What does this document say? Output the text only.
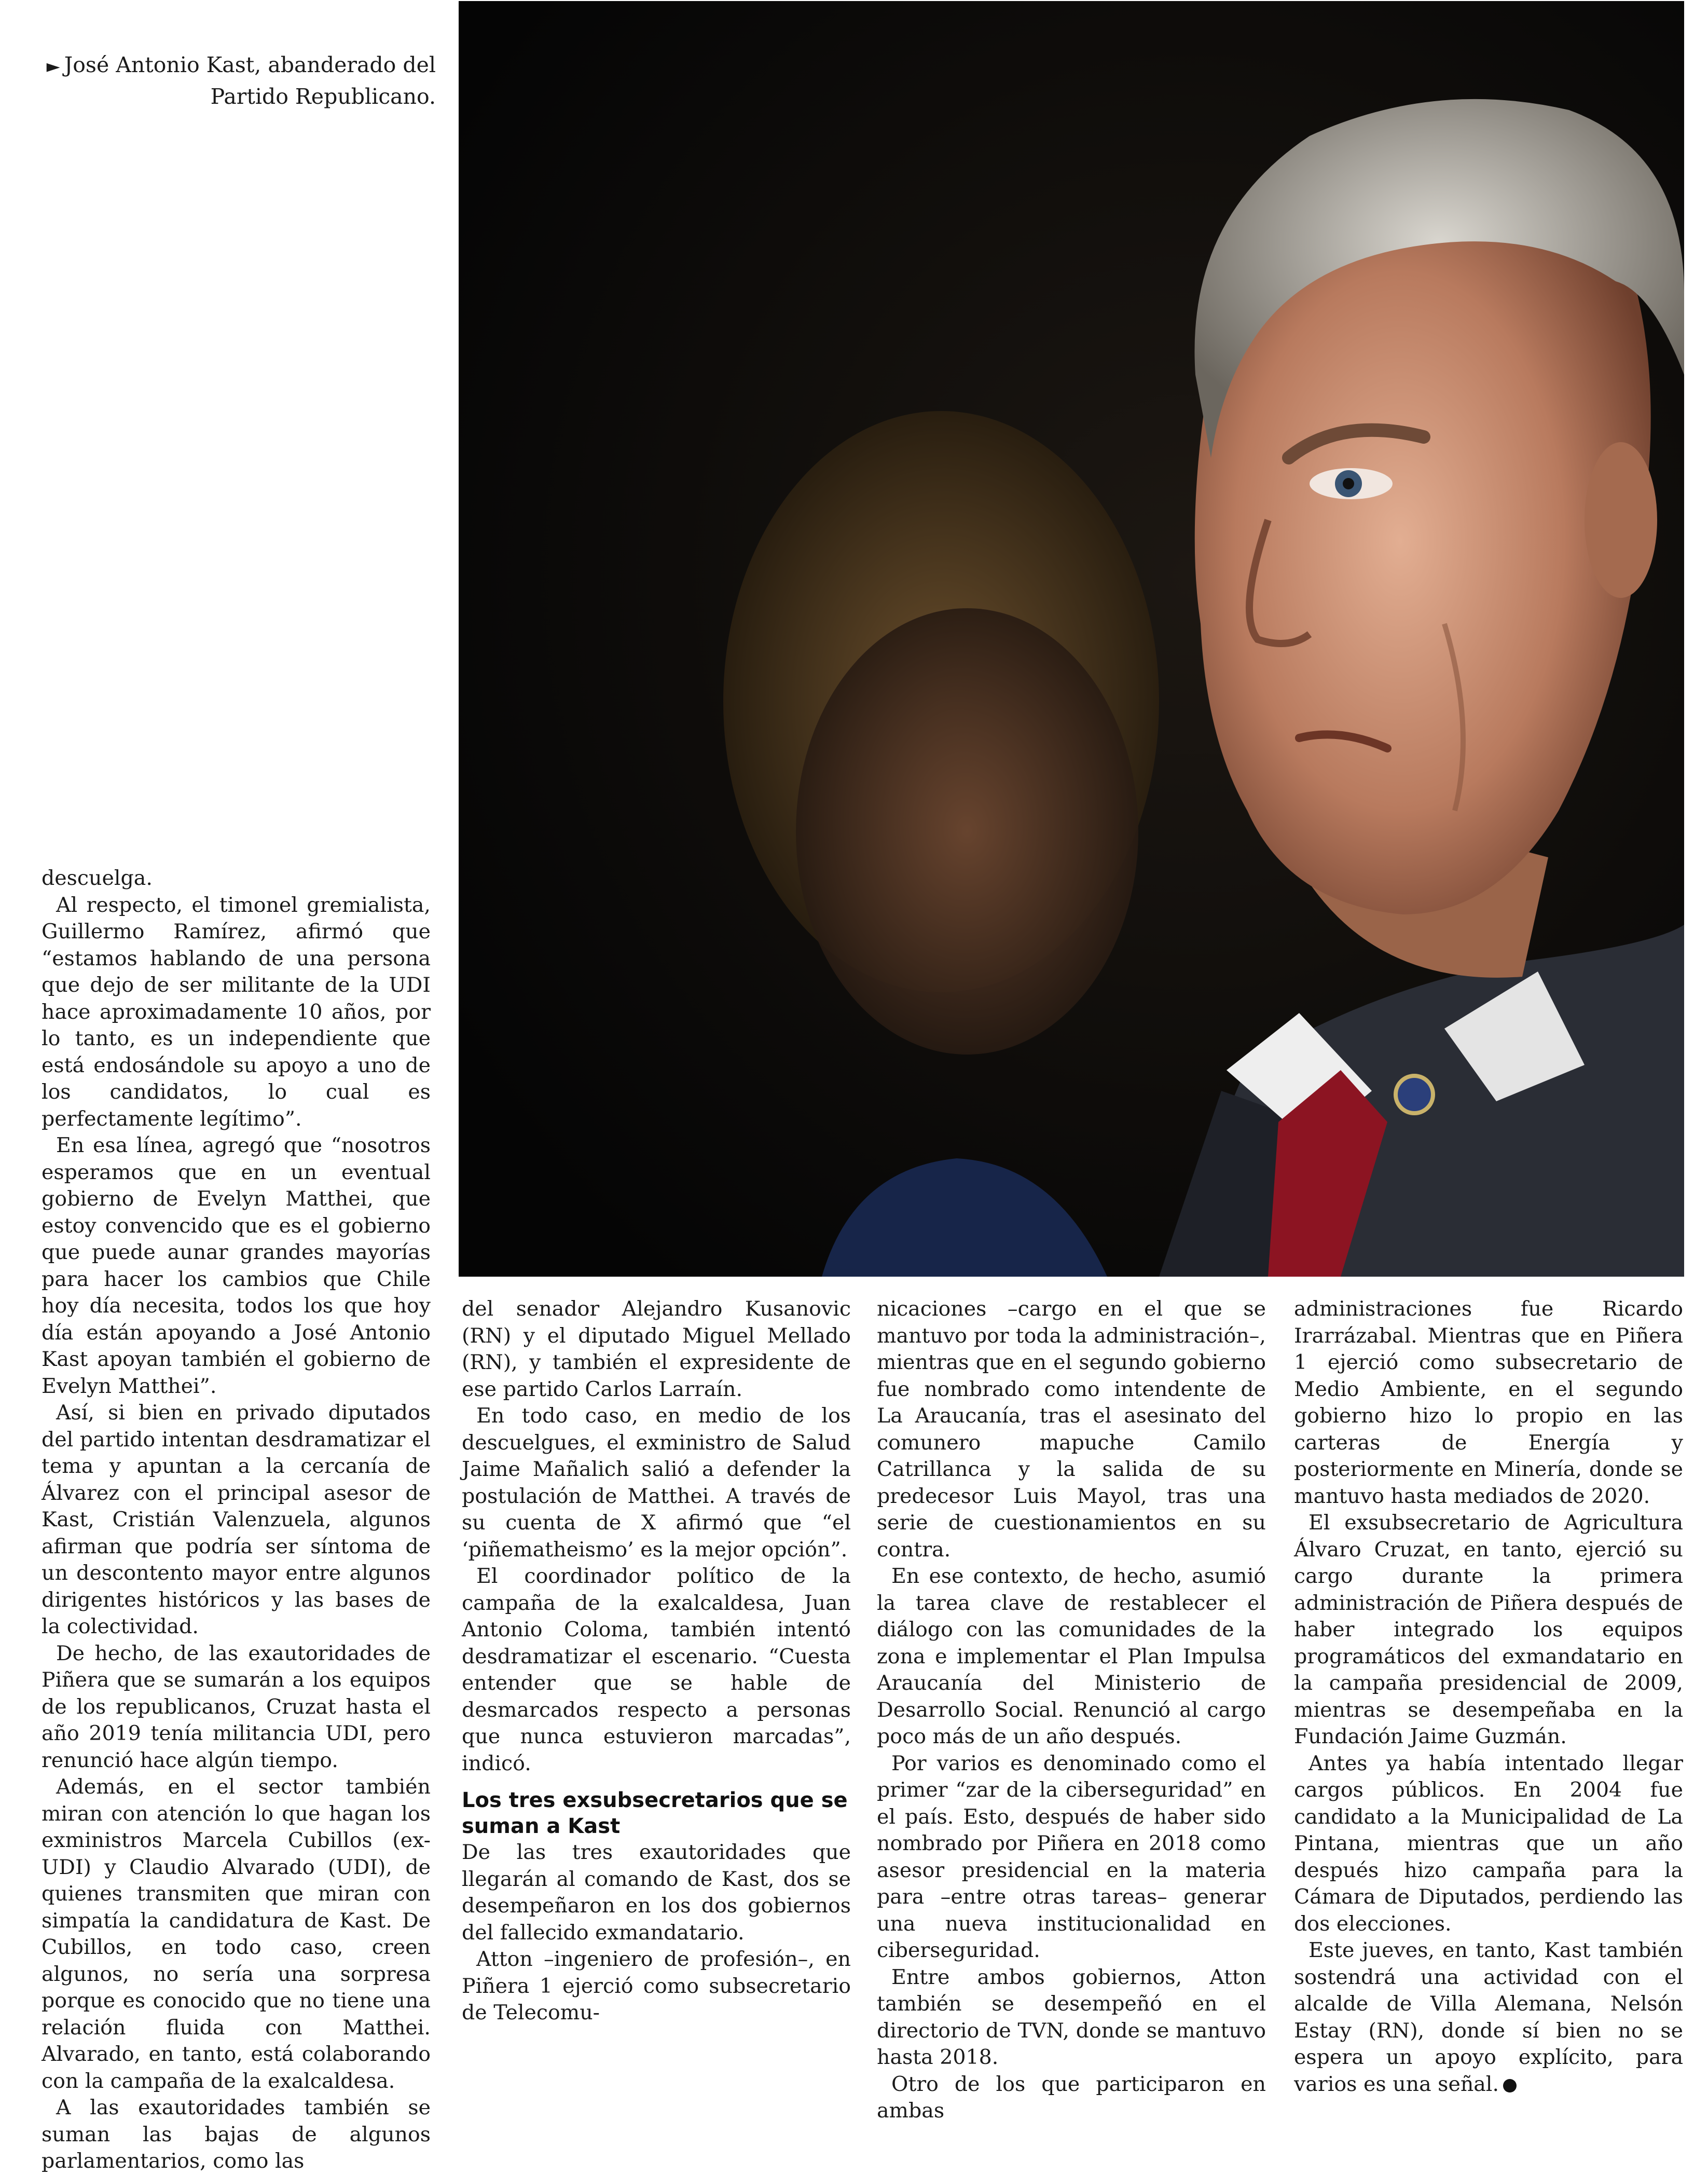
► José Antonio Kast, abanderado del Partido Republicano.

descuelga.

Al respecto, el timonel gremialista, Guillermo Ramírez, afirmó que “estamos hablando de una persona que dejo de ser militante de la UDI hace aproximadamente 10 años, por lo tanto, es un independiente que está endosándole su apoyo a uno de los candidatos, lo cual es perfectamente legítimo”.

En esa línea, agregó que “nosotros esperamos que en un eventual gobierno de Evelyn Matthei, que estoy convencido que es el gobierno que puede aunar grandes mayorías para hacer los cambios que Chile hoy día necesita, todos los que hoy día están apoyando a José Antonio Kast apoyan también el gobierno de Evelyn Matthei”.

Así, si bien en privado diputados del partido intentan desdramatizar el tema y apuntan a la cercanía de Álvarez con el principal asesor de Kast, Cristián Valenzuela, algunos afirman que podría ser síntoma de un descontento mayor entre algunos dirigentes históricos y las bases de la colectividad.

De hecho, de las exautoridades de Piñera que se sumarán a los equipos de los republicanos, Cruzat hasta el año 2019 tenía militancia UDI, pero renunció hace algún tiempo.

Además, en el sector también miran con atención lo que hagan los exministros Marcela Cubillos (ex-UDI) y Claudio Alvarado (UDI), de quienes transmiten que miran con simpatía la candidatura de Kast. De Cubillos, en todo caso, creen algunos, no sería una sorpresa porque es conocido que no tiene una relación fluida con Matthei. Alvarado, en tanto, está colaborando con la campaña de la exalcaldesa.

A las exautoridades también se suman las bajas de algunos parlamentarios, como las

del senador Alejandro Kusanovic (RN) y el diputado Miguel Mellado (RN), y también el expresidente de ese partido Carlos Larraín.

En todo caso, en medio de los descuelgues, el exministro de Salud Jaime Mañalich salió a defender la postulación de Matthei. A través de su cuenta de X afirmó que “el ‘piñematheismo’ es la mejor opción”.

El coordinador político de la campaña de la exalcaldesa, Juan Antonio Coloma, también intentó desdramatizar el escenario. “Cuesta entender que se hable de desmarcados respecto a personas que nunca estuvieron marcadas”, indicó.

Los tres exsubsecretarios que se suman a Kast

De las tres exautoridades que llegarán al comando de Kast, dos se desempeñaron en los dos gobiernos del fallecido exmandatario.

Atton –ingeniero de profesión–, en Piñera 1 ejerció como subsecretario de Telecomu-

nicaciones –cargo en el que se mantuvo por toda la administración–, mientras que en el segundo gobierno fue nombrado como intendente de La Araucanía, tras el asesinato del comunero mapuche Camilo Catrillanca y la salida de su predecesor Luis Mayol, tras una serie de cuestionamientos en su contra.

En ese contexto, de hecho, asumió la tarea clave de restablecer el diálogo con las comunidades de la zona e implementar el Plan Impulsa Araucanía del Ministerio de Desarrollo Social. Renunció al cargo poco más de un año después.

Por varios es denominado como el primer “zar de la ciberseguridad” en el país. Esto, después de haber sido nombrado por Piñera en 2018 como asesor presidencial en la materia para –entre otras tareas– generar una nueva institucionalidad en ciberseguridad.

Entre ambos gobiernos, Atton también se desempeñó en el directorio de TVN, donde se mantuvo hasta 2018.

Otro de los que participaron en ambas

administraciones fue Ricardo Irarrázabal. Mientras que en Piñera 1 ejerció como subsecretario de Medio Ambiente, en el segundo gobierno hizo lo propio en las carteras de Energía y posteriormente en Minería, donde se mantuvo hasta mediados de 2020.

El exsubsecretario de Agricultura Álvaro Cruzat, en tanto, ejerció su cargo durante la primera administración de Piñera después de haber integrado los equipos programáticos del exmandatario en la campaña presidencial de 2009, mientras se desempeñaba en la Fundación Jaime Guzmán.

Antes ya había intentado llegar cargos públicos. En 2004 fue candidato a la Municipalidad de La Pintana, mientras que un año después hizo campaña para la Cámara de Diputados, perdiendo las dos elecciones.

Este jueves, en tanto, Kast también sostendrá una actividad con el alcalde de Villa Alemana, Nelsón Estay (RN), donde sí bien no se espera un apoyo explícito, para varios es una señal.
